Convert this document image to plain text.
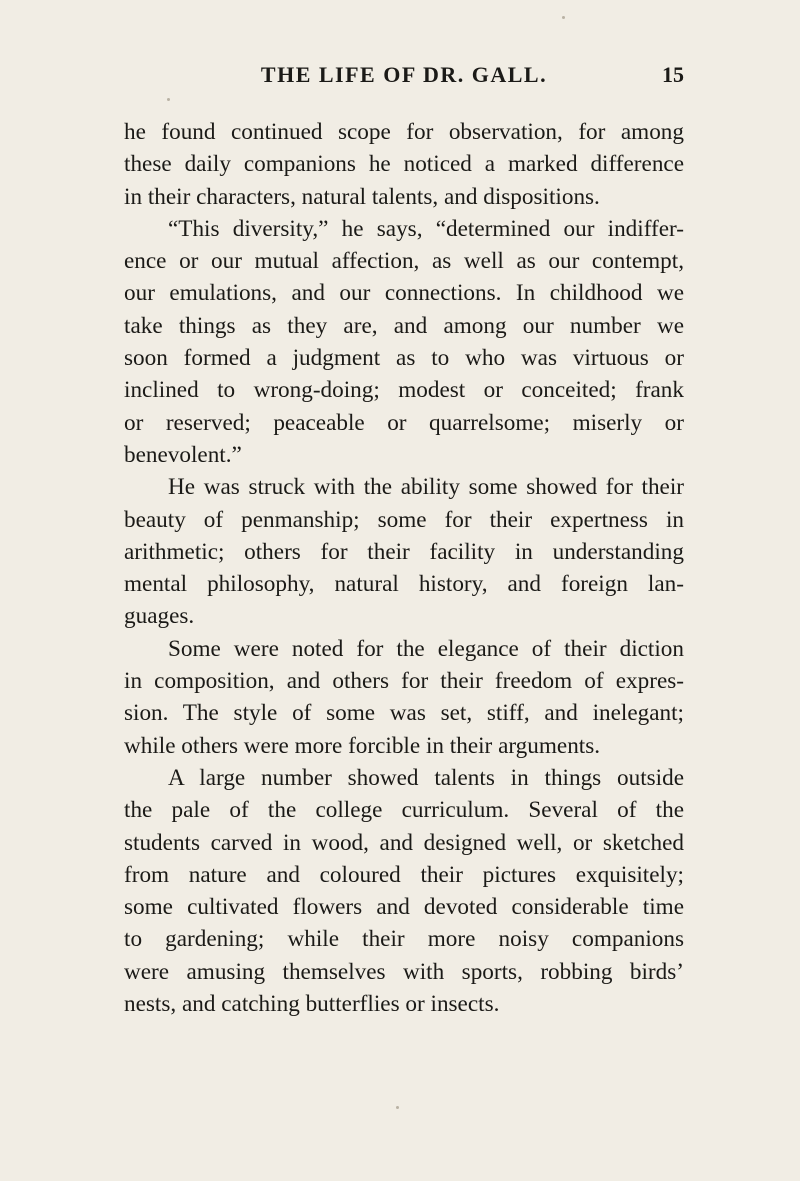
THE LIFE OF DR. GALL.	15
he found continued scope for observation, for among
these daily companions he noticed a marked difference
in their characters, natural talents, and dispositions.
“This diversity,” he says, “determined our indiffer-
ence or our mutual affection, as well as our contempt,
our emulations, and our connections. In childhood we
take things as they are, and among our number we
soon formed a judgment as to who was virtuous or
inclined to wrong-doing; modest or conceited; frank
or reserved; peaceable or quarrelsome; miserly or
benevolent.”
He was struck with the ability some showed for their
beauty of penmanship; some for their expertness in
arithmetic; others for their facility in understanding
mental philosophy, natural history, and foreign lan-
guages.
Some were noted for the elegance of their diction
in composition, and others for their freedom of expres-
sion. The style of some was set, stiff, and inelegant;
while others were more forcible in their arguments.
A large number showed talents in things outside
the pale of the college curriculum. Several of the
students carved in wood, and designed well, or sketched
from nature and coloured their pictures exquisitely;
some cultivated flowers and devoted considerable time
to gardening; while their more noisy companions
were amusing themselves with sports, robbing birds’
nests, and catching butterflies or insects.
